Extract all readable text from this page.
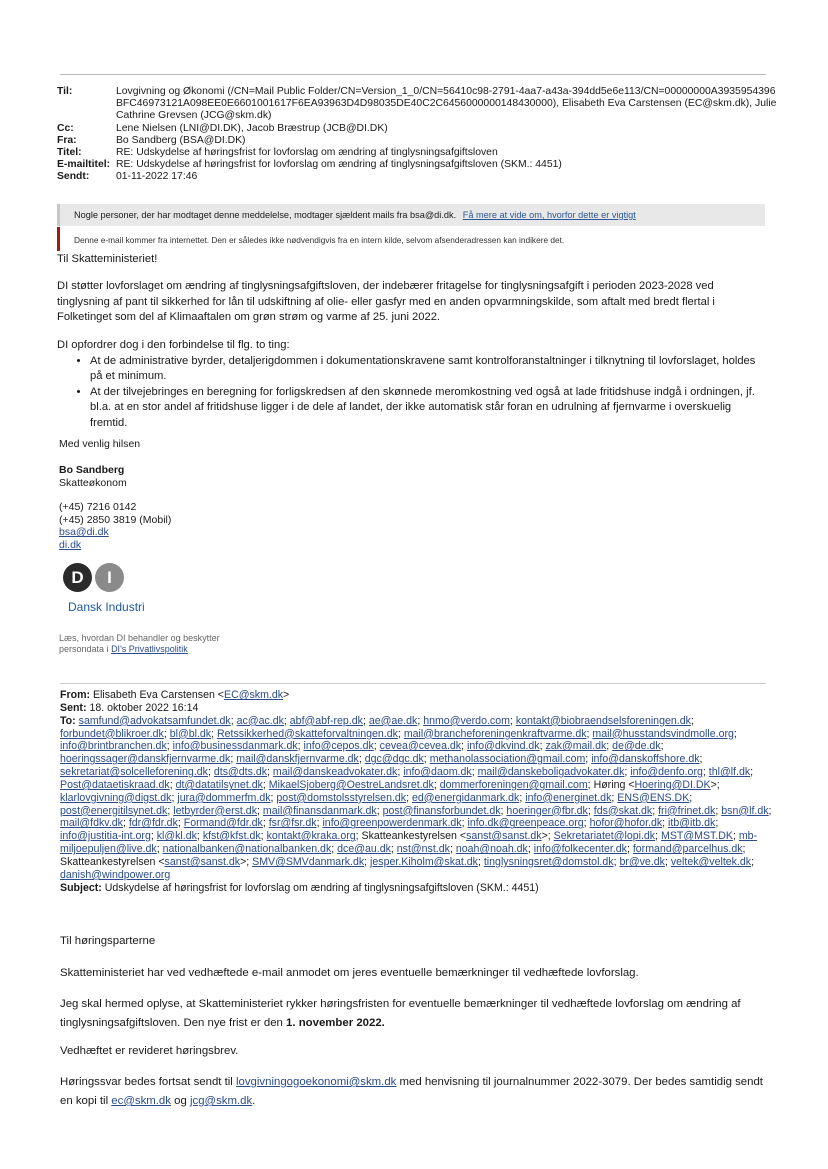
Til:	Lovgivning og Økonomi (/CN=Mail Public Folder/CN=Version_1_0/CN=56410c98-2791-4aa7-a43a-394dd5e6e113/CN=00000000A3935954396BFC46973121A098EE0E6601001617F6EA93963D4D98035DE40C2C6456000000148430000), Elisabeth Eva Carstensen (EC@skm.dk), Julie Cathrine Grevsen (JCG@skm.dk)
Cc:	Lene Nielsen (LNI@DI.DK), Jacob Bræstrup (JCB@DI.DK)
Fra:	Bo Sandberg (BSA@DI.DK)
Titel:	RE: Udskydelse af høringsfrist for lovforslag om ændring af tinglysningsafgiftsloven
E-mailtitel: RE: Udskydelse af høringsfrist for lovforslag om ændring af tinglysningsafgiftsloven (SKM.: 4451)
Sendt:	01-11-2022 17:46
Nogle personer, der har modtaget denne meddelelse, modtager sjældent mails fra bsa@di.dk. Få mere at vide om, hvorfor dette er vigtigt
Denne e-mail kommer fra internettet. Den er således ikke nødvendigvis fra en intern kilde, selvom afsenderadressen kan indikere det.
Til Skatteministeriet!
DI støtter lovforslaget om ændring af tinglysningsafgiftsloven, der indebærer fritagelse for tinglysningsafgift i perioden 2023-2028 ved tinglysning af pant til sikkerhed for lån til udskiftning af olie- eller gasfyr med en anden opvarmningskilde, som aftalt med bredt flertal i Folketinget som del af Klimaaftalen om grøn strøm og varme af 25. juni 2022.
DI opfordrer dog i den forbindelse til flg. to ting:
• At de administrative byrder, detaljerigdommen i dokumentationskravene samt kontrolforanstaltninger i tilknytning til lovforslaget, holdes på et minimum.
• At der tilvejebringes en beregning for forligskredsen af den skønnede meromkostning ved også at lade fritidshuse indgå i ordningen, jf. bl.a. at en stor andel af fritidshuse ligger i de dele af landet, der ikke automatisk står foran en udrulning af fjernvarme i overskuelig fremtid.
Med venlig hilsen
Bo Sandberg
Skatteøkonom
(+45) 7216 0142
(+45) 2850 3819 (Mobil)
bsa@di.dk
di.dk
D	I
Dansk Industri
Læs, hvordan DI behandler og beskytter
persondata i DI's Privatlivspolitik
From: Elisabeth Eva Carstensen <EC@skm.dk>
Sent: 18. oktober 2022 16:14
To: samfund@advokatsamfundet.dk; ac@ac.dk; abf@abf-rep.dk; ae@ae.dk; hnmo@verdo.com; kontakt@biobraendselsforeningen.dk; forbundet@blikroer.dk; bl@bl.dk; Retssikkerhed@skatteforvaltningen.dk; mail@brancheforeningenkraftvarme.dk; mail@husstandsvindmolle.org; info@brintbranchen.dk; info@businessdanmark.dk; info@cepos.dk; cevea@cevea.dk; info@dkvind.dk; zak@mail.dk; de@de.dk; hoeringssager@danskfjernvarme.dk; mail@danskfjernvarme.dk; dgc@dgc.dk; methanolassociation@gmail.com; info@danskoffshore.dk; sekretariat@solcelleforening.dk; dts@dts.dk; mail@danskeadvokater.dk; info@daom.dk; mail@danskeboligadvokater.dk; info@denfo.org; thl@lf.dk; Post@dataetiskraad.dk; dt@datatilsynet.dk; MikaelSjoberg@OestreLandsret.dk; dommerforeningen@gmail.com; Høring <Hoering@DI.DK>; klarlovgivning@digst.dk; jura@dommerfm.dk; post@domstolsstyrelsen.dk; ed@energidanmark.dk; info@energinet.dk; ENS@ENS.DK; post@energitilsynet.dk; letbyrder@erst.dk; mail@finansdanmark.dk; post@finansforbundet.dk; hoeringer@fbr.dk; fds@skat.dk; fri@frinet.dk; bsn@lf.dk; mail@fdkv.dk; fdr@fdr.dk; Formand@fdr.dk; fsr@fsr.dk; info@greenpowerdenmark.dk; info.dk@greenpeace.org; hofor@hofor.dk; itb@itb.dk; info@justitia-int.org; kl@kl.dk; kfst@kfst.dk; kontakt@kraka.org; Skatteankestyrelsen <sanst@sanst.dk>; Sekretariatet@lopi.dk; MST@MST.DK; mb-miljoepuljen@live.dk; nationalbanken@nationalbanken.dk; dce@au.dk; nst@nst.dk; noah@noah.dk; info@folkecenter.dk; formand@parcelhus.dk; Skatteankestyrelsen <sanst@sanst.dk>; SMV@SMVdanmark.dk; jesper.Kiholm@skat.dk; tinglysningsret@domstol.dk; br@ve.dk; veltek@veltek.dk; danish@windpower.org
Subject: Udskydelse af høringsfrist for lovforslag om ændring af tinglysningsafgiftsloven (SKM.: 4451)
Til høringsparterne
Skatteministeriet har ved vedhæftede e-mail anmodet om jeres eventuelle bemærkninger til vedhæftede lovforslag.
Jeg skal hermed oplyse, at Skatteministeriet rykker høringsfristen for eventuelle bemærkninger til vedhæftede lovforslag om ændring af tinglysningsafgiftsloven. Den nye frist er den 1. november 2022.
Vedhæftet er revideret høringsbrev.
Høringssvar bedes fortsat sendt til lovgivningogoekonomi@skm.dk med henvisning til journalnummer 2022-3079. Der bedes samtidig sendt en kopi til ec@skm.dk og jcg@skm.dk.
